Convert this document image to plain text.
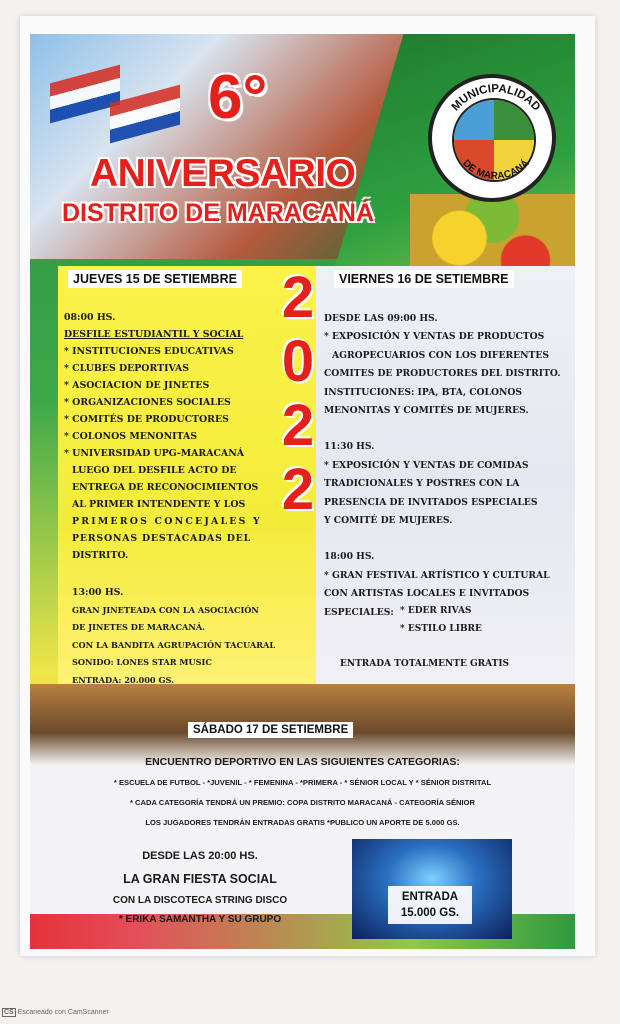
MUNICIPALIDAD
DE MARACANÁ
6°
ANIVERSARIO
DISTRITO DE MARACANÁ
JUEVES 15 DE SETIEMBRE	VIERNES 16 DE SETIEMBRE
2
0
2
2
08:00 HS.
DESFILE ESTUDIANTIL Y SOCIAL
* INSTITUCIONES EDUCATIVAS
* CLUBES DEPORTIVAS
* ASOCIACION DE JINETES
* ORGANIZACIONES SOCIALES
* COMITÉS DE PRODUCTORES
* COLONOS MENONITAS
* UNIVERSIDAD UPG-MARACANÁ
LUEGO DEL DESFILE ACTO DE
ENTREGA DE RECONOCIMIENTOS
AL PRIMER INTENDENTE Y LOS
PRIMEROS CONCEJALES Y
PERSONAS DESTACADAS DEL
DISTRITO.
13:00 HS.
GRAN JINETEADA CON LA ASOCIACIÓN
DE JINETES DE MARACANÁ.
CON LA BANDITA AGRUPACIÓN TACUARAL
SONIDO: LONES STAR MUSIC
ENTRADA: 20.000 GS.
DESDE LAS 09:00 HS.
* EXPOSICIÓN Y VENTAS DE PRODUCTOS
AGROPECUARIOS CON LOS DIFERENTES
COMITES DE PRODUCTORES DEL DISTRITO.
INSTITUCIONES: IPA, BTA, COLONOS
MENONITAS Y COMITÉS DE MUJERES.
11:30 HS.
* EXPOSICIÓN Y VENTAS DE COMIDAS
TRADICIONALES Y POSTRES CON LA
PRESENCIA DE INVITADOS ESPECIALES
Y COMITÉ DE MUJERES.
18:00 HS.
* GRAN FESTIVAL ARTÍSTICO Y CULTURAL
CON ARTISTAS LOCALES E INVITADOS
ESPECIALES: * EDER RIVAS
* ESTILO LIBRE
ENTRADA TOTALMENTE GRATIS
SÁBADO 17 DE SETIEMBRE
ENCUENTRO DEPORTIVO EN LAS SIGUIENTES CATEGORIAS:
* ESCUELA DE FUTBOL - *JUVENIL - * FEMENINA - *PRIMERA - * SÉNIOR LOCAL Y * SÉNIOR DISTRITAL
* CADA CATEGORÍA TENDRÁ UN PREMIO: COPA DISTRITO MARACANÁ - CATEGORÍA SÉNIOR
LOS JUGADORES TENDRÁN ENTRADAS GRATIS *PUBLICO UN APORTE DE 5.000 GS.
DESDE LAS 20:00 HS.
LA GRAN FIESTA SOCIAL
CON LA DISCOTECA STRING DISCO
* ERIKA SAMANTHA Y SU GRUPO
ENTRADA
15.000 GS.
CS Escaneado con CamScanner
